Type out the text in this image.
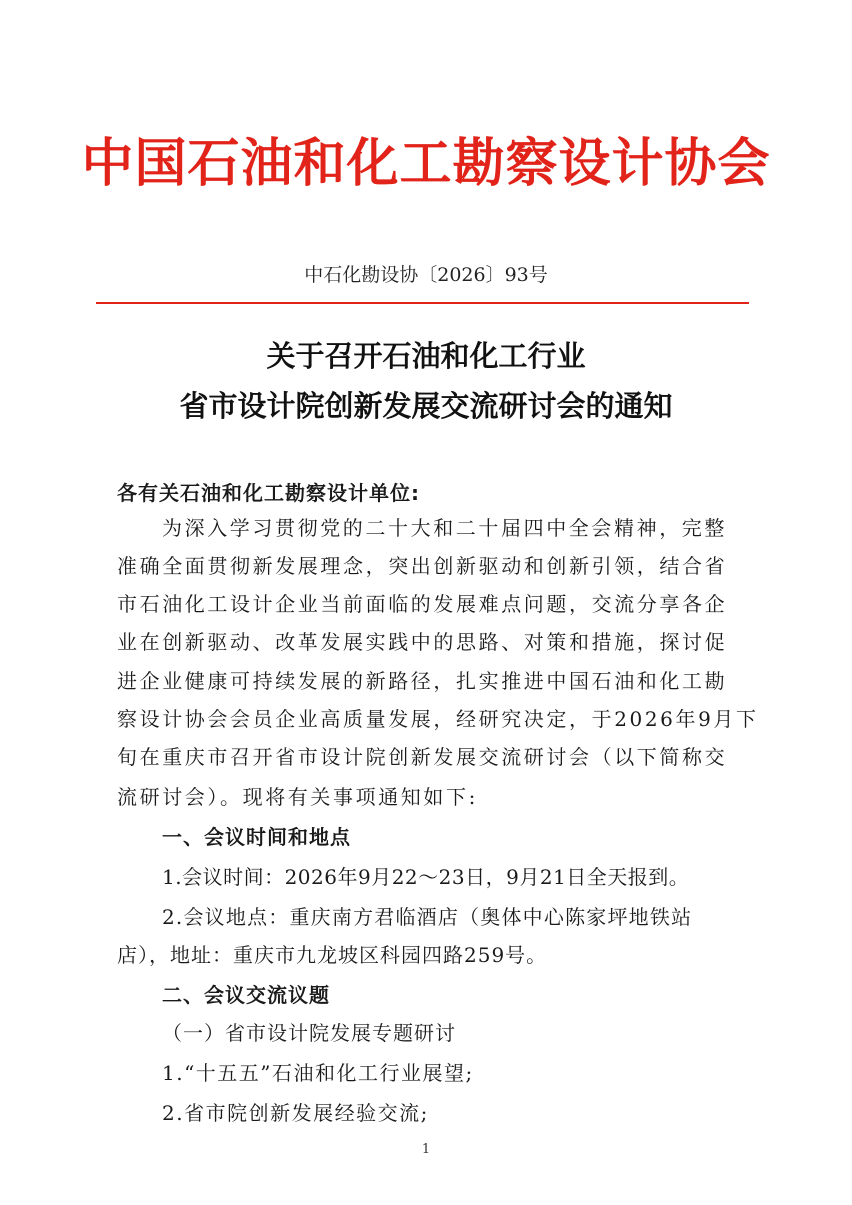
中国石油和化工勘察设计协会
中石化勘设协〔2026〕93号
关于召开石油和化工行业
省市设计院创新发展交流研讨会的通知
各有关石油和化工勘察设计单位:
为深入学习贯彻党的二十大和二十届四中全会精神，完整
准确全面贯彻新发展理念，突出创新驱动和创新引领，结合省
市石油化工设计企业当前面临的发展难点问题，交流分享各企
业在创新驱动、改革发展实践中的思路、对策和措施，探讨促
进企业健康可持续发展的新路径，扎实推进中国石油和化工勘
察设计协会会员企业高质量发展，经研究决定，于2026年9月下
旬在重庆市召开省市设计院创新发展交流研讨会（以下简称交
流研讨会）。现将有关事项通知如下:
一、会议时间和地点
1.会议时间：2026年9月22～23日，9月21日全天报到。
2.会议地点：重庆南方君临酒店（奥体中心陈家坪地铁站
店），地址：重庆市九龙坡区科园四路259号。
二、会议交流议题
（一）省市设计院发展专题研讨
1.“十五五”石油和化工行业展望;
2.省市院创新发展经验交流;
1
